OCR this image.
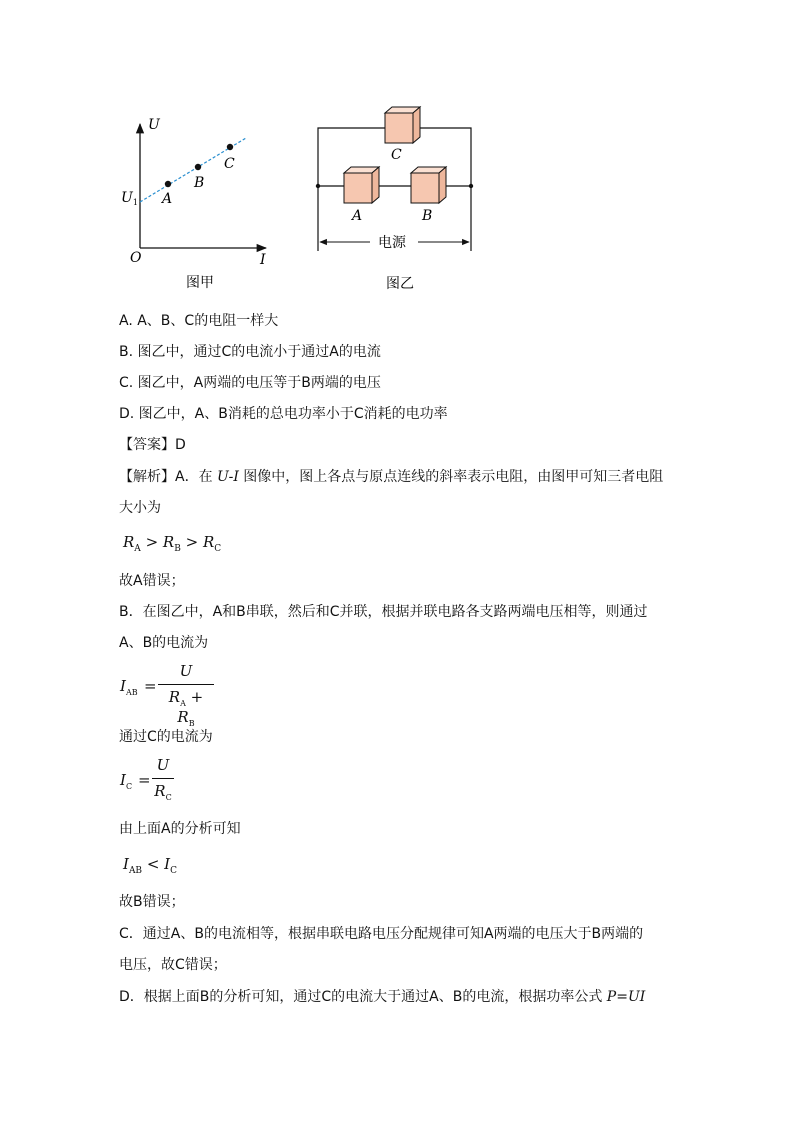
U
I
O
$U_1$ A
B
C
图甲
C
A	B
电源
图乙
A. A、B、C的电阻一样大
B. 图乙中，通过C的电流小于通过A的电流
C. 图乙中，A两端的电压等于B两端的电压
D. 图乙中，A、B消耗的总电功率小于C消耗的电功率
【答案】D
【解析】A．在 U-I 图像中，图上各点与原点连线的斜率表示电阻，由图甲可知三者电阻
大小为
$R_A > R_B > R_C$
故A错误；
B．在图乙中，A和B串联，然后和C并联，根据并联电路各支路两端电压相等，则通过
A、B的电流为
$I_{AB}$ =
U
$R_A + R_B$
通过C的电流为
$I_C$ =
U
$R_C$
由上面A的分析可知
$I_{AB} < I_C$
故B错误；
C．通过A、B的电流相等，根据串联电路电压分配规律可知A两端的电压大于B两端的
电压，故C错误；
D．根据上面B的分析可知，通过C的电流大于通过A、B的电流，根据功率公式 P=UI
